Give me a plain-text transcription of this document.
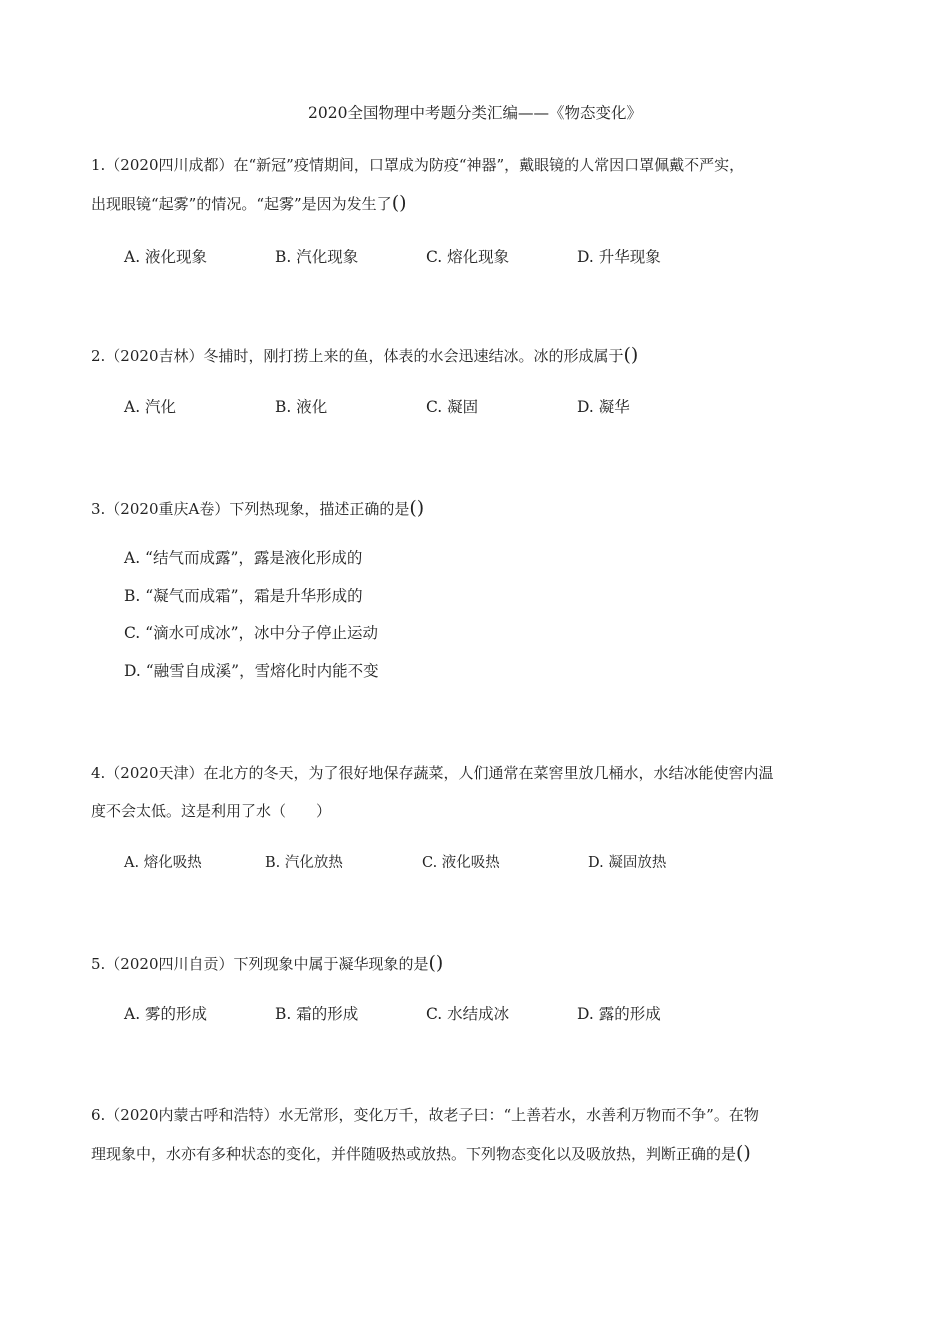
2020全国物理中考题分类汇编——《物态变化》

1.（2020四川成都）在“新冠”疫情期间，口罩成为防疫“神器”，戴眼镜的人常因口罩佩戴不严实，
出现眼镜“起雾”的情况。“起雾”是因为发生了()

A. 液化现象	B. 汽化现象	C. 熔化现象	D. 升华现象

2.（2020吉林）冬捕时，刚打捞上来的鱼，体表的水会迅速结冰。冰的形成属于()

A. 汽化	B. 液化	C. 凝固	D. 凝华

3.（2020重庆A卷）下列热现象，描述正确的是()

A. “结气而成露”，露是液化形成的
B. “凝气而成霜”，霜是升华形成的
C. “滴水可成冰”，冰中分子停止运动
D. “融雪自成溪”，雪熔化时内能不变

4.（2020天津）在北方的冬天，为了很好地保存蔬菜，人们通常在菜窖里放几桶水，水结冰能使窖内温
度不会太低。这是利用了水（　　）

A. 熔化吸热	B. 汽化放热	C. 液化吸热	D. 凝固放热

5.（2020四川自贡）下列现象中属于凝华现象的是()

A. 雾的形成	B. 霜的形成	C. 水结成冰	D. 露的形成

6.（2020内蒙古呼和浩特）水无常形，变化万千，故老子曰：“上善若水，水善利万物而不争”。在物
理现象中，水亦有多种状态的变化，并伴随吸热或放热。下列物态变化以及吸放热，判断正确的是()
